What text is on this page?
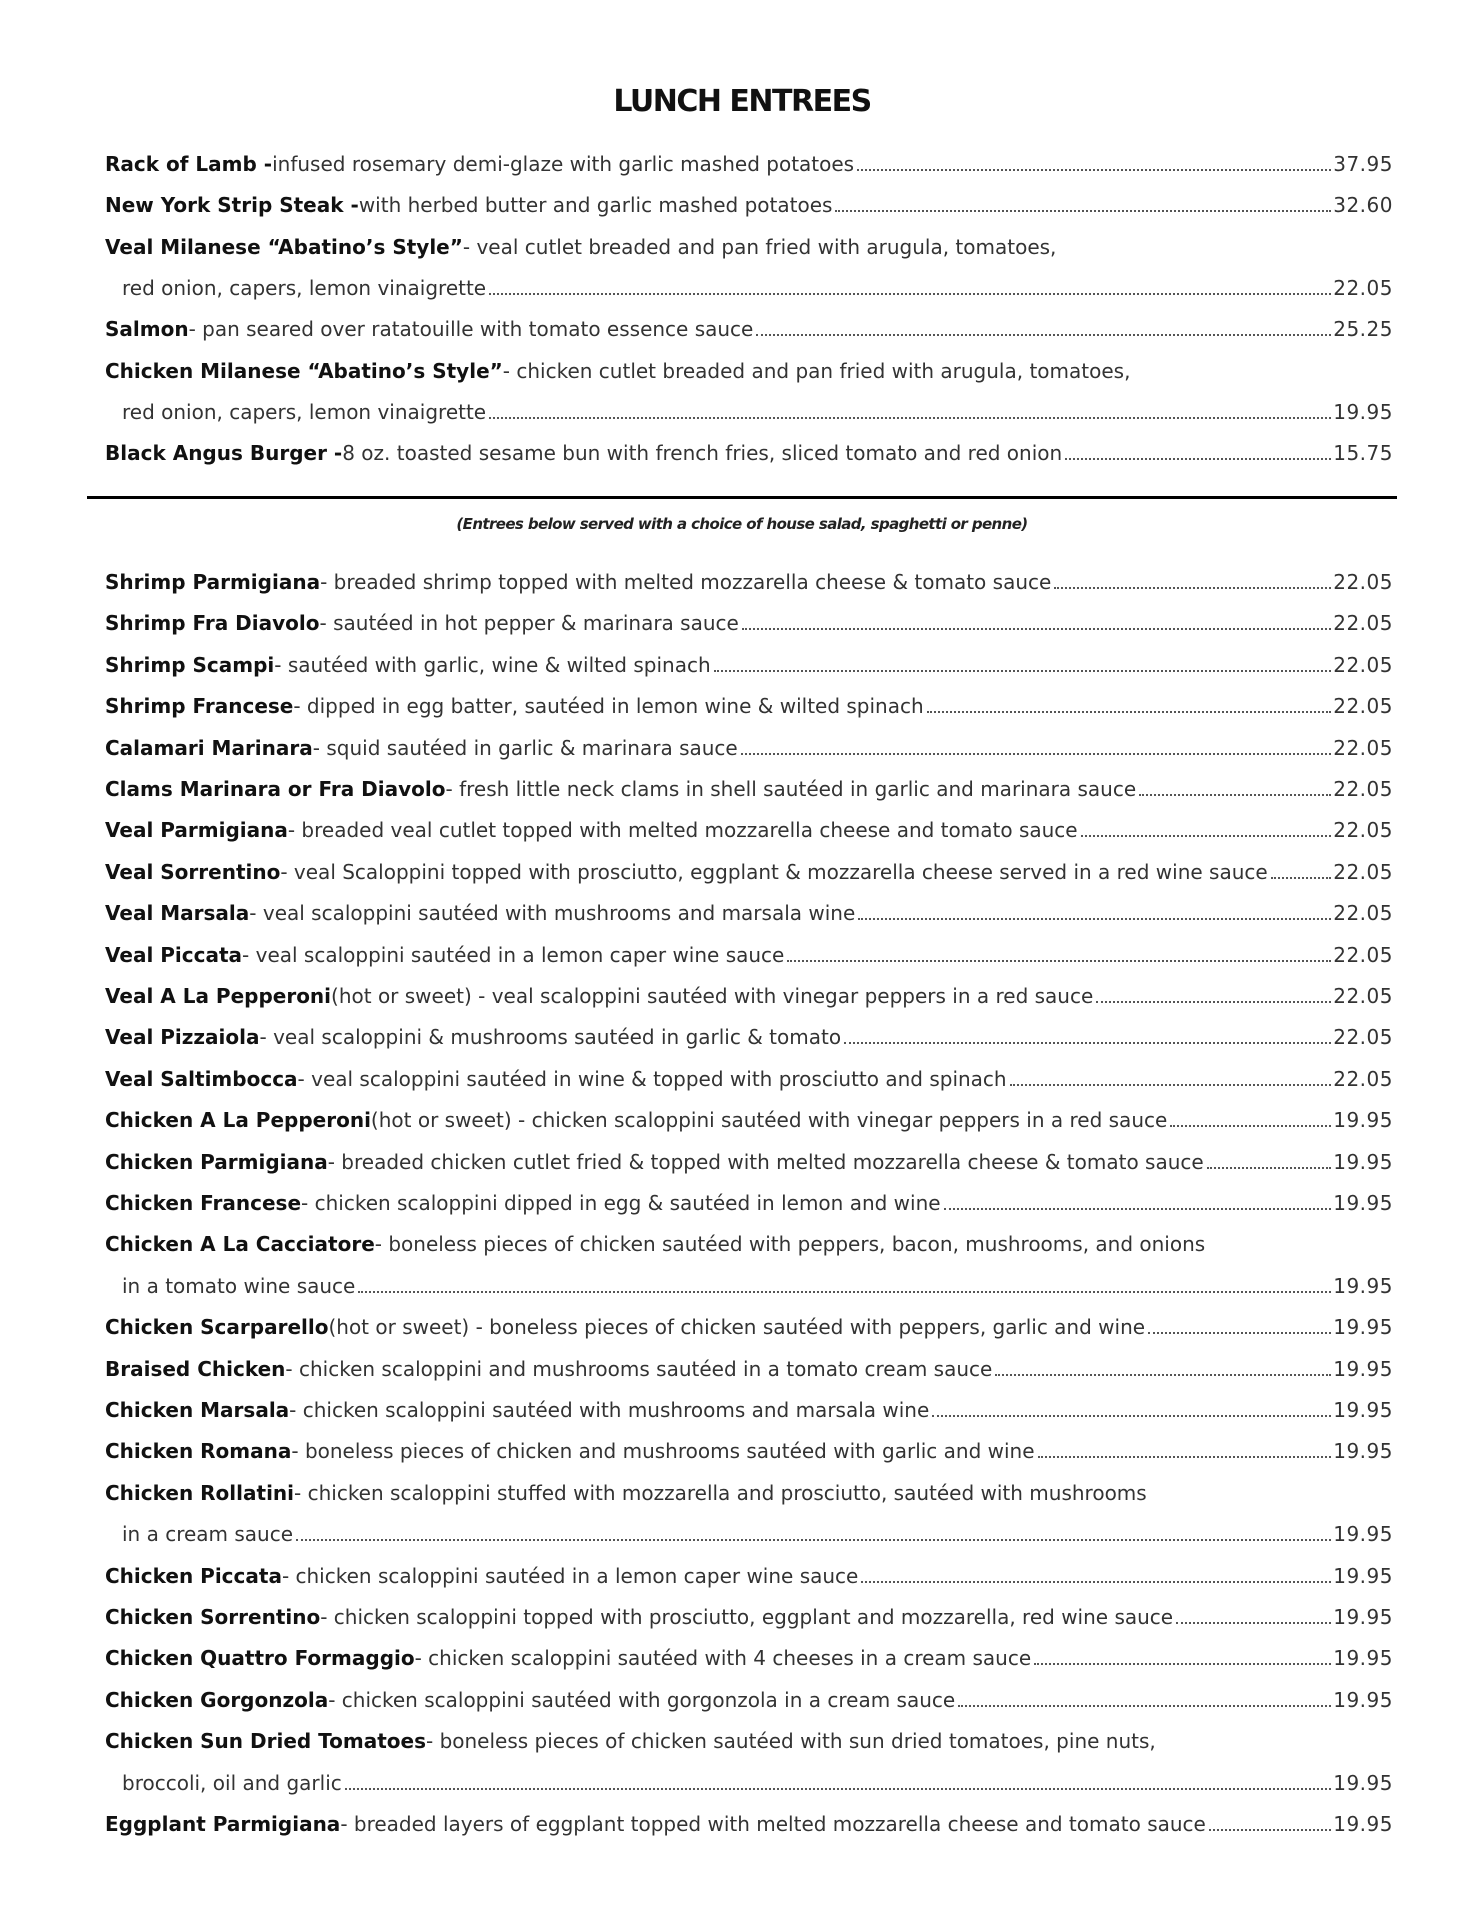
LUNCH ENTREES
Rack of Lamb - infused rosemary demi-glaze with garlic mashed potatoes	37.95
New York Strip Steak - with herbed butter and garlic mashed potatoes	32.60
Veal Milanese “Abatino’s Style” - veal cutlet breaded and pan fried with arugula, tomatoes,
red onion, capers, lemon vinaigrette	22.05
Salmon - pan seared over ratatouille with tomato essence sauce	25.25
Chicken Milanese “Abatino’s Style” - chicken cutlet breaded and pan fried with arugula, tomatoes,
red onion, capers, lemon vinaigrette	19.95
Black Angus Burger - 8 oz. toasted sesame bun with french fries, sliced tomato and red onion	15.75
(Entrees below served with a choice of house salad, spaghetti or penne)
Shrimp Parmigiana - breaded shrimp topped with melted mozzarella cheese & tomato sauce	22.05
Shrimp Fra Diavolo - sautéed in hot pepper & marinara sauce	22.05
Shrimp Scampi - sautéed with garlic, wine & wilted spinach	22.05
Shrimp Francese - dipped in egg batter, sautéed in lemon wine & wilted spinach	22.05
Calamari Marinara - squid sautéed in garlic & marinara sauce	22.05
Clams Marinara or Fra Diavolo - fresh little neck clams in shell sautéed in garlic and marinara sauce	22.05
Veal Parmigiana - breaded veal cutlet topped with melted mozzarella cheese and tomato sauce	22.05
Veal Sorrentino - veal Scaloppini topped with prosciutto, eggplant & mozzarella cheese served in a red wine sauce	22.05
Veal Marsala - veal scaloppini sautéed with mushrooms and marsala wine	22.05
Veal Piccata - veal scaloppini sautéed in a lemon caper wine sauce	22.05
Veal A La Pepperoni (hot or sweet) - veal scaloppini sautéed with vinegar peppers in a red sauce	22.05
Veal Pizzaiola - veal scaloppini & mushrooms sautéed in garlic & tomato	22.05
Veal Saltimbocca - veal scaloppini sautéed in wine & topped with prosciutto and spinach	22.05
Chicken A La Pepperoni (hot or sweet) - chicken scaloppini sautéed with vinegar peppers in a red sauce	19.95
Chicken Parmigiana - breaded chicken cutlet fried & topped with melted mozzarella cheese & tomato sauce	19.95
Chicken Francese - chicken scaloppini dipped in egg & sautéed in lemon and wine	19.95
Chicken A La Cacciatore - boneless pieces of chicken sautéed with peppers, bacon, mushrooms, and onions
in a tomato wine sauce	19.95
Chicken Scarparello (hot or sweet) - boneless pieces of chicken sautéed with peppers, garlic and wine	19.95
Braised Chicken - chicken scaloppini and mushrooms sautéed in a tomato cream sauce	19.95
Chicken Marsala - chicken scaloppini sautéed with mushrooms and marsala wine	19.95
Chicken Romana - boneless pieces of chicken and mushrooms sautéed with garlic and wine	19.95
Chicken Rollatini - chicken scaloppini stuffed with mozzarella and prosciutto, sautéed with mushrooms
in a cream sauce	19.95
Chicken Piccata - chicken scaloppini sautéed in a lemon caper wine sauce	19.95
Chicken Sorrentino - chicken scaloppini topped with prosciutto, eggplant and mozzarella, red wine sauce	19.95
Chicken Quattro Formaggio - chicken scaloppini sautéed with 4 cheeses in a cream sauce	19.95
Chicken Gorgonzola - chicken scaloppini sautéed with gorgonzola in a cream sauce	19.95
Chicken Sun Dried Tomatoes - boneless pieces of chicken sautéed with sun dried tomatoes, pine nuts,
broccoli, oil and garlic	19.95
Eggplant Parmigiana - breaded layers of eggplant topped with melted mozzarella cheese and tomato sauce	19.95
